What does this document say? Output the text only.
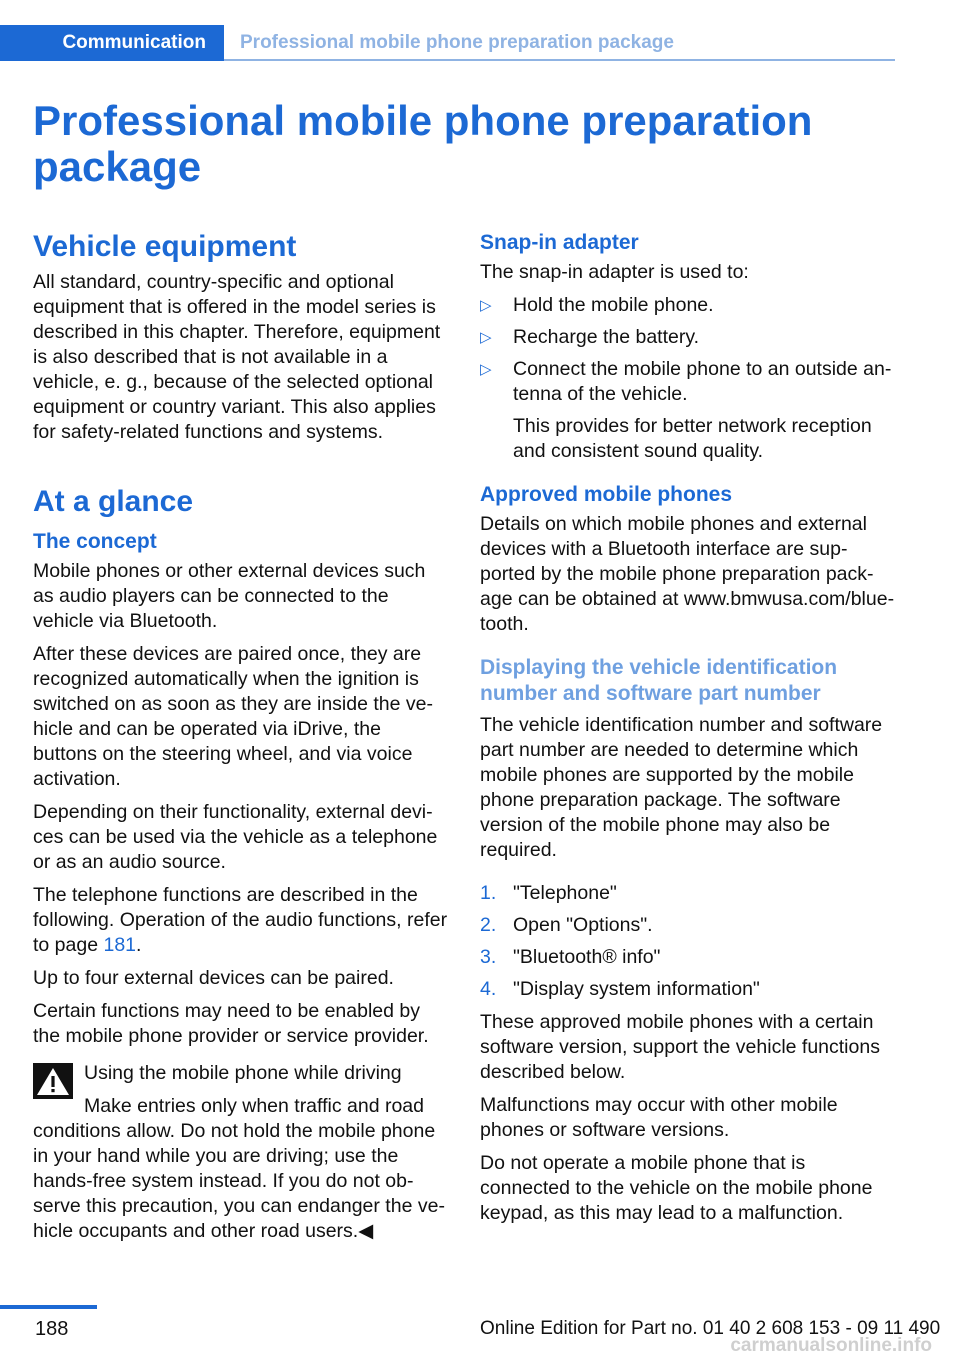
Communication	Professional mobile phone preparation package
Professional mobile phone preparation package
Vehicle equipment

All standard, country-specific and optional equipment that is offered in the model series is described in this chapter. Therefore, equipment is also described that is not available in a vehicle, e. g., because of the selected optional equipment or country variant. This also applies for safety-related functions and systems.

At a glance
The concept

Mobile phones or other external devices such as audio players can be connected to the vehicle via Bluetooth.

After these devices are paired once, they are recognized automatically when the ignition is switched on as soon as they are inside the vehicle and can be operated via iDrive, the buttons on the steering wheel, and via voice activation.

Depending on their functionality, external devices can be used via the vehicle as a telephone or as an audio source.

The telephone functions are described in the following. Operation of the audio functions, refer to page 181.

Up to four external devices can be paired.

Certain functions may need to be enabled by the mobile phone provider or service provider.

Using the mobile phone while driving

Make entries only when traffic and road conditions allow. Do not hold the mobile phone in your hand while you are driving; use the hands-free system instead. If you do not observe this precaution, you can endanger the vehicle occupants and other road users.◀

Snap-in adapter

The snap-in adapter is used to:

▷ Hold the mobile phone.
▷ Recharge the battery.
▷ Connect the mobile phone to an outside antenna of the vehicle.
This provides for better network reception and consistent sound quality.
Approved mobile phones

Details on which mobile phones and external devices with a Bluetooth interface are supported by the mobile phone preparation package can be obtained at www.bmwusa.com/bluetooth.

Displaying the vehicle identification number and software part number

The vehicle identification number and software part number are needed to determine which mobile phones are supported by the mobile phone preparation package. The software version of the mobile phone may also be required.

1. "Telephone"
2. Open "Options".
3. "Bluetooth® info"
4. "Display system information"

These approved mobile phones with a certain software version, support the vehicle functions described below.

Malfunctions may occur with other mobile phones or software versions.

Do not operate a mobile phone that is connected to the vehicle on the mobile phone keypad, as this may lead to a malfunction.

188	Online Edition for Part no. 01 40 2 608 153 - 09 11 490
carmanualsonline.info
